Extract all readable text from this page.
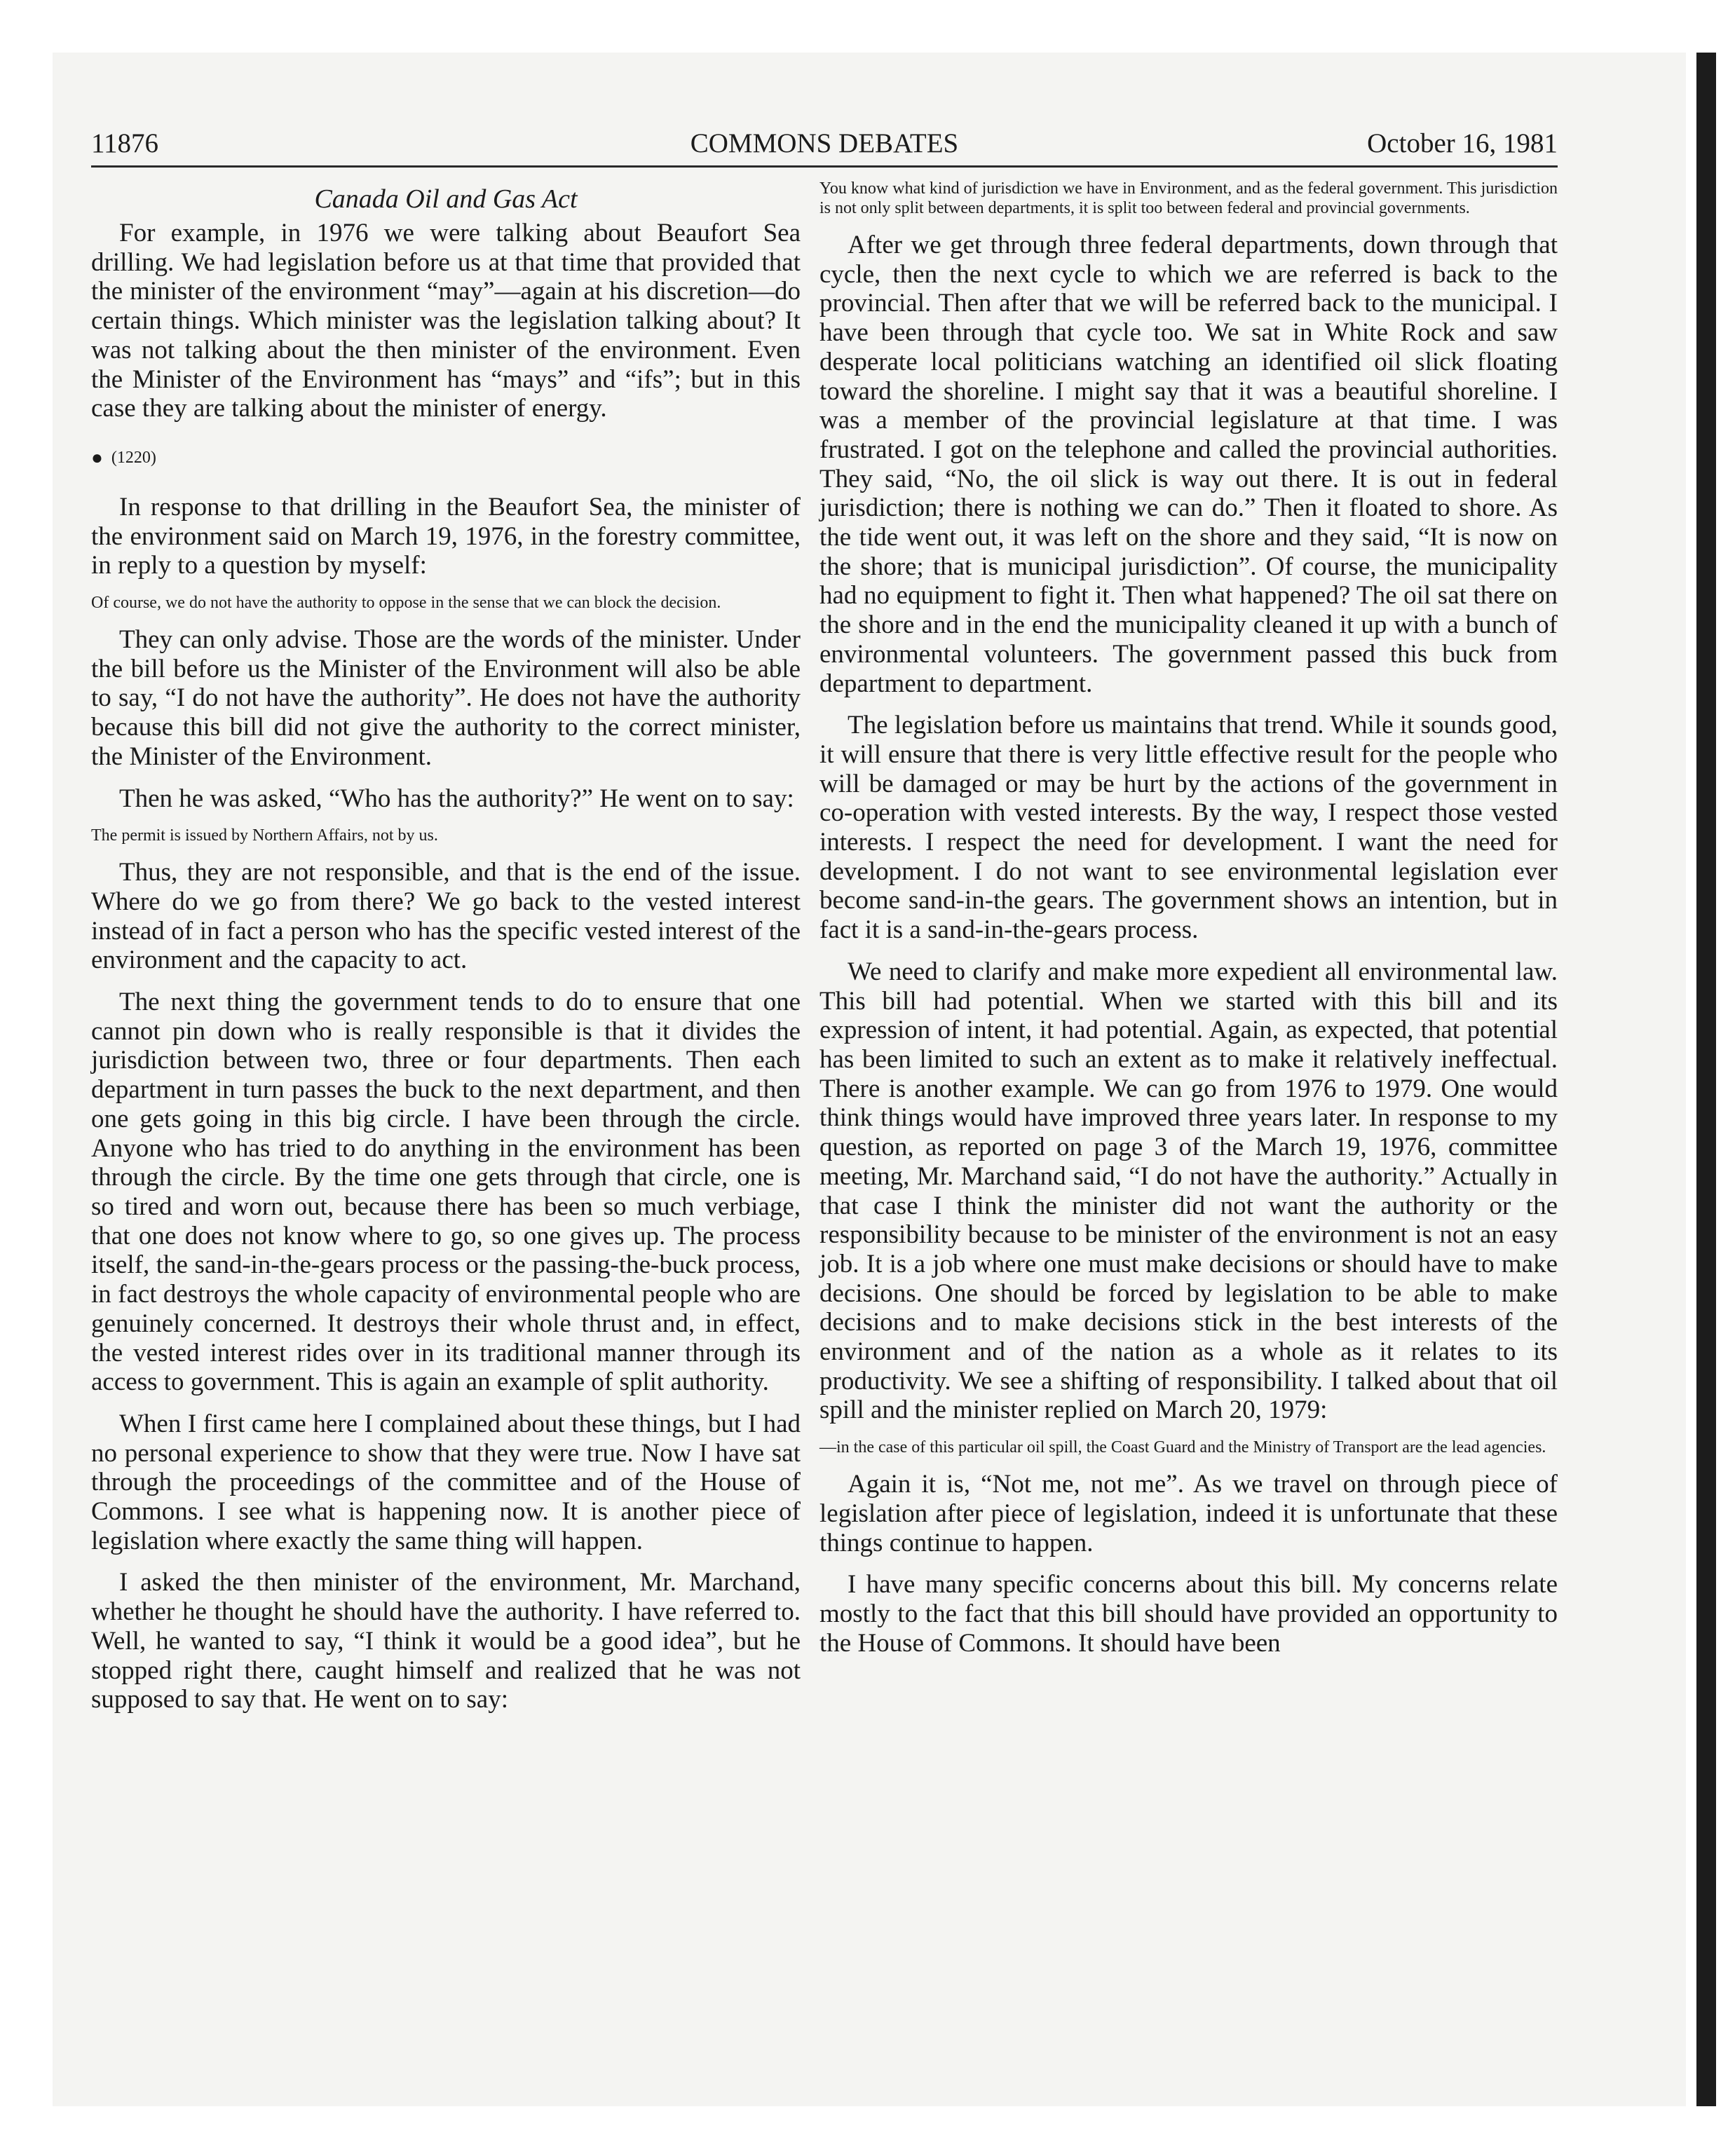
11876	COMMONS DEBATES	October 16, 1981
Canada Oil and Gas Act

For example, in 1976 we were talking about Beaufort Sea drilling. We had legislation before us at that time that provided that the minister of the environment “may”—again at his discretion—do certain things. Which minister was the legislation talking about? It was not talking about the then minister of the environment. Even the Minister of the Environment has “mays” and “ifs”; but in this case they are talking about the minister of energy.

● (1220)

In response to that drilling in the Beaufort Sea, the minister of the environment said on March 19, 1976, in the forestry committee, in reply to a question by myself:

Of course, we do not have the authority to oppose in the sense that we can block the decision.

They can only advise. Those are the words of the minister. Under the bill before us the Minister of the Environment will also be able to say, “I do not have the authority”. He does not have the authority because this bill did not give the authority to the correct minister, the Minister of the Environment.

Then he was asked, “Who has the authority?” He went on to say:

The permit is issued by Northern Affairs, not by us.

Thus, they are not responsible, and that is the end of the issue. Where do we go from there? We go back to the vested interest instead of in fact a person who has the specific vested interest of the environment and the capacity to act.

The next thing the government tends to do to ensure that one cannot pin down who is really responsible is that it divides the jurisdiction between two, three or four departments. Then each department in turn passes the buck to the next department, and then one gets going in this big circle. I have been through the circle. Anyone who has tried to do anything in the environment has been through the circle. By the time one gets through that circle, one is so tired and worn out, because there has been so much verbiage, that one does not know where to go, so one gives up. The process itself, the sand-in-the-gears process or the passing-the-buck process, in fact destroys the whole capacity of environmental people who are genuinely concerned. It destroys their whole thrust and, in effect, the vested interest rides over in its traditional manner through its access to government. This is again an example of split authority.

When I first came here I complained about these things, but I had no personal experience to show that they were true. Now I have sat through the proceedings of the committee and of the House of Commons. I see what is happening now. It is another piece of legislation where exactly the same thing will happen.

I asked the then minister of the environment, Mr. Marchand, whether he thought he should have the authority. I have referred to. Well, he wanted to say, “I think it would be a good idea”, but he stopped right there, caught himself and realized that he was not supposed to say that. He went on to say:

You know what kind of jurisdiction we have in Environment, and as the federal government. This jurisdiction is not only split between departments, it is split too between federal and provincial governments.

After we get through three federal departments, down through that cycle, then the next cycle to which we are referred is back to the provincial. Then after that we will be referred back to the municipal. I have been through that cycle too. We sat in White Rock and saw desperate local politicians watching an identified oil slick floating toward the shoreline. I might say that it was a beautiful shoreline. I was a member of the provincial legislature at that time. I was frustrated. I got on the telephone and called the provincial authorities. They said, “No, the oil slick is way out there. It is out in federal jurisdiction; there is nothing we can do.” Then it floated to shore. As the tide went out, it was left on the shore and they said, “It is now on the shore; that is municipal jurisdiction”. Of course, the municipality had no equipment to fight it. Then what happened? The oil sat there on the shore and in the end the municipality cleaned it up with a bunch of environmental volunteers. The government passed this buck from department to department.

The legislation before us maintains that trend. While it sounds good, it will ensure that there is very little effective result for the people who will be damaged or may be hurt by the actions of the government in co-operation with vested interests. By the way, I respect those vested interests. I respect the need for development. I want the need for development. I do not want to see environmental legislation ever become sand-in-the gears. The government shows an intention, but in fact it is a sand-in-the-gears process.

We need to clarify and make more expedient all environmental law. This bill had potential. When we started with this bill and its expression of intent, it had potential. Again, as expected, that potential has been limited to such an extent as to make it relatively ineffectual. There is another example. We can go from 1976 to 1979. One would think things would have improved three years later. In response to my question, as reported on page 3 of the March 19, 1976, committee meeting, Mr. Marchand said, “I do not have the authority.” Actually in that case I think the minister did not want the authority or the responsibility because to be minister of the environment is not an easy job. It is a job where one must make decisions or should have to make decisions. One should be forced by legislation to be able to make decisions and to make decisions stick in the best interests of the environment and of the nation as a whole as it relates to its productivity. We see a shifting of responsibility. I talked about that oil spill and the minister replied on March 20, 1979:

—in the case of this particular oil spill, the Coast Guard and the Ministry of Transport are the lead agencies.

Again it is, “Not me, not me”. As we travel on through piece of legislation after piece of legislation, indeed it is unfortunate that these things continue to happen.

I have many specific concerns about this bill. My concerns relate mostly to the fact that this bill should have provided an opportunity to the House of Commons. It should have been
